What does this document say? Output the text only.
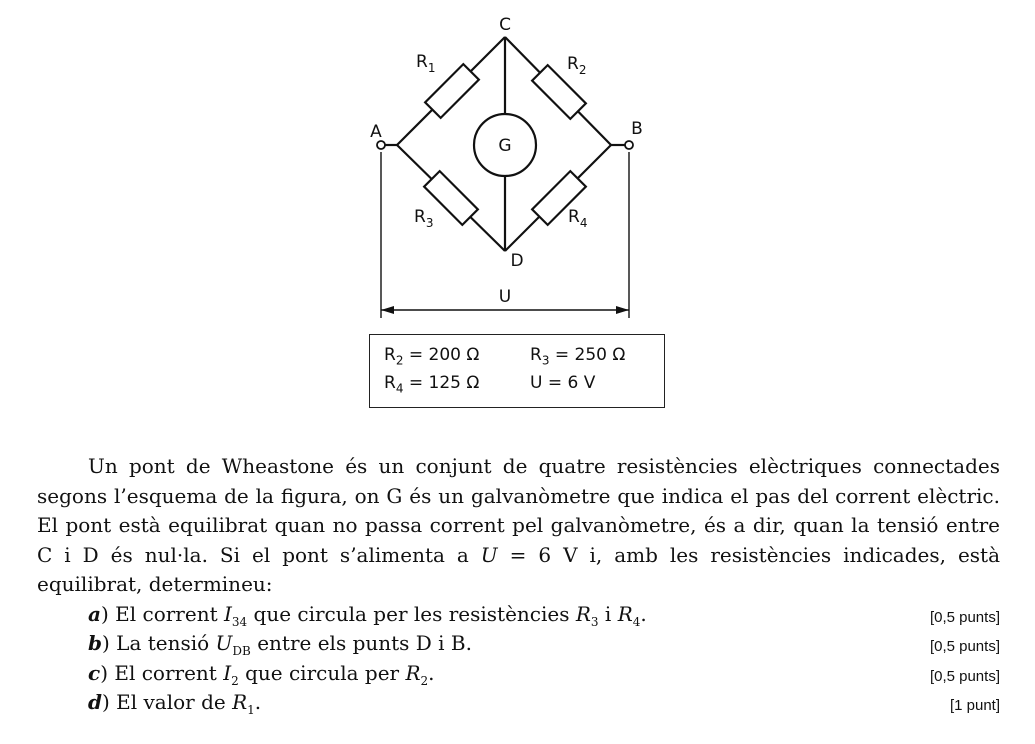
G
C
A	B
D
$R_1$	$R_2$
$R_3$	$R_4$
U
$R_2 = 200$ Ω	$R_3 = 250$ Ω
$R_4 = 125$ Ω	U = 6 V

Un pont de Wheastone és un conjunt de quatre resistències elèctriques connectades segons l’esquema de la figura, on G és un galvanòmetre que indica el pas del corrent elèctric. El pont està equilibrat quan no passa corrent pel galvanòmetre, és a dir, quan la tensió entre C i D és nul·la. Si el pont s’alimenta a U = 6 V i, amb les resistències indicades, està equilibrat, determineu:

a) El corrent $I_{34}$ que circula per les resistències $R_3$ i $R_4$.	[0,5 punts]
b) La tensió $U_{DB}$ entre els punts D i B.	[0,5 punts]
c) El corrent $I_2$ que circula per $R_2$.	[0,5 punts]
d) El valor de $R_1$.	[1 punt]
